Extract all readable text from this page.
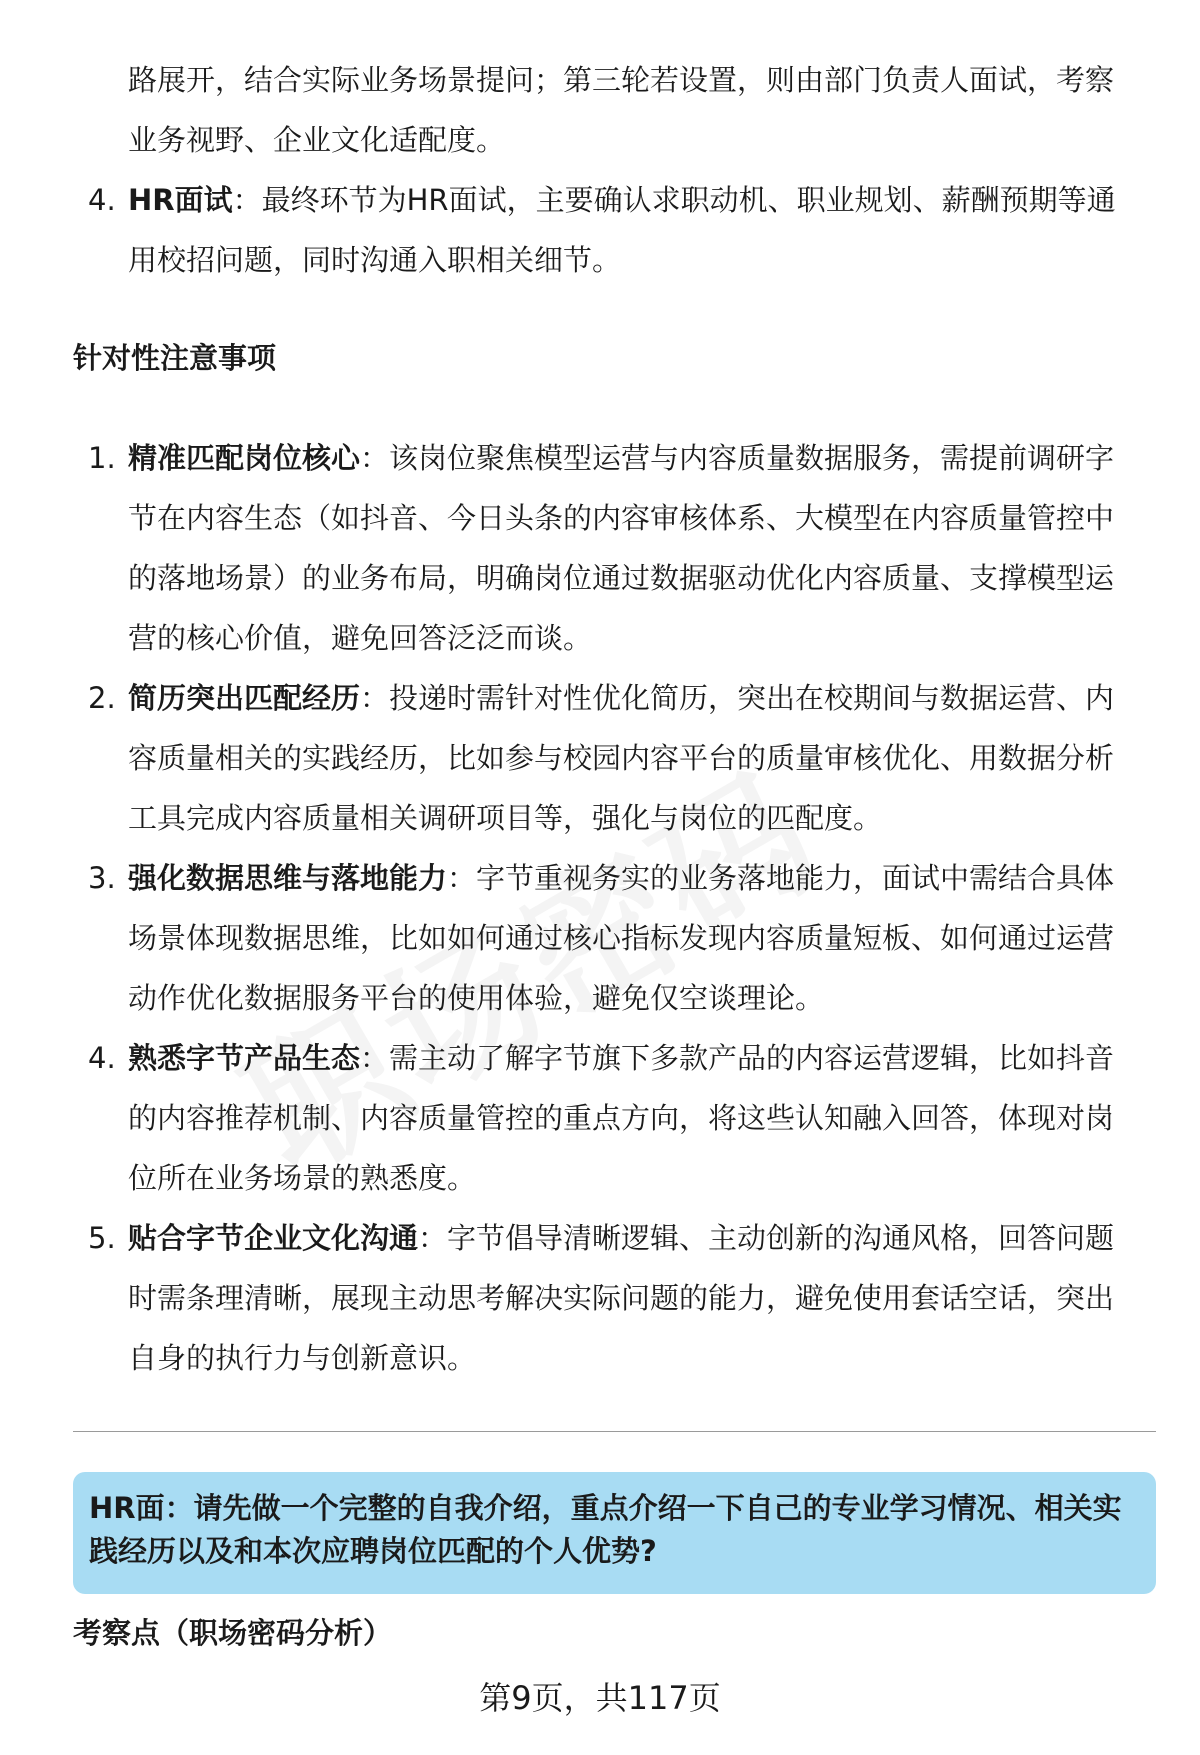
路展开，结合实际业务场景提问；第三轮若设置，则由部门负责人面试，考察

业务视野、企业文化适配度。

4. HR面试：最终环节为HR面试，主要确认求职动机、职业规划、薪酬预期等通用校招问题，同时沟通入职相关细节。
针对性注意事项
1. 精准匹配岗位核心：该岗位聚焦模型运营与内容质量数据服务，需提前调研字节在内容生态（如抖音、今日头条的内容审核体系、大模型在内容质量管控中的落地场景）的业务布局，明确岗位通过数据驱动优化内容质量、支撑模型运营的核心价值，避免回答泛泛而谈。
2. 简历突出匹配经历：投递时需针对性优化简历，突出在校期间与数据运营、内容质量相关的实践经历，比如参与校园内容平台的质量审核优化、用数据分析工具完成内容质量相关调研项目等，强化与岗位的匹配度。
3. 强化数据思维与落地能力：字节重视务实的业务落地能力，面试中需结合具体场景体现数据思维，比如如何通过核心指标发现内容质量短板、如何通过运营动作优化数据服务平台的使用体验，避免仅空谈理论。
4. 熟悉字节产品生态：需主动了解字节旗下多款产品的内容运营逻辑，比如抖音的内容推荐机制、内容质量管控的重点方向，将这些认知融入回答，体现对岗位所在业务场景的熟悉度。
5. 贴合字节企业文化沟通：字节倡导清晰逻辑、主动创新的沟通风格，回答问题时需条理清晰，展现主动思考解决实际问题的能力，避免使用套话空话，突出自身的执行力与创新意识。
HR面：请先做一个完整的自我介绍，重点介绍一下自己的专业学习情况、相关实践经历以及和本次应聘岗位匹配的个人优势?
考察点（职场密码分析）
第9页，共117页
